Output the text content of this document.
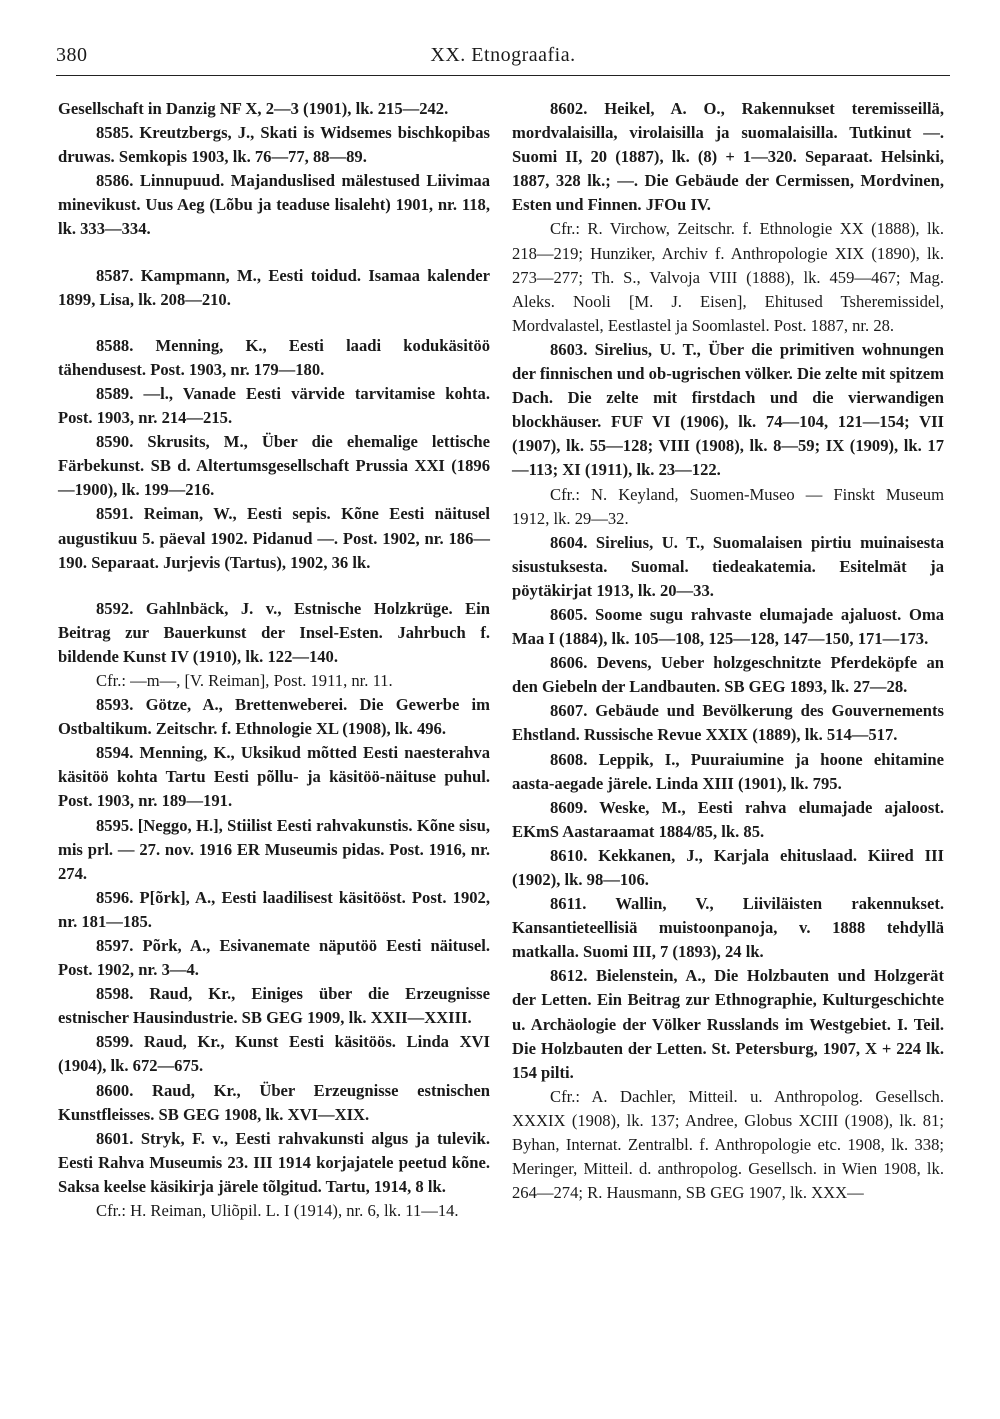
380	XX. Etnograafia.

Gesellschaft in Danzig NF X, 2—3 (1901), lk. 215—242.

8585. Kreutzbergs, J., Skati is Widsemes bischkopibas druwas. Semkopis 1903, lk. 76—77, 88—89.

8586. Linnupuud. Majanduslised mälestused Liivimaa minevikust. Uus Aeg (Lõbu ja teaduse lisaleht) 1901, nr. 118, lk. 333—334.

8587. Kampmann, M., Eesti toidud. Isamaa kalender 1899, Lisa, lk. 208—210.

8588. Menning, K., Eesti laadi kodukäsitöö tähendusest. Post. 1903, nr. 179—180.

8589. —l., Vanade Eesti värvide tarvitamise kohta. Post. 1903, nr. 214—215.

8590. Skrusits, M., Über die ehemalige lettische Färbekunst. SB d. Altertumsgesellschaft Prussia XXI (1896—1900), lk. 199—216.

8591. Reiman, W., Eesti sepis. Kõne Eesti näitusel augustikuu 5. päeval 1902. Pidanud —. Post. 1902, nr. 186—190. Separaat. Jurjevis (Tartus), 1902, 36 lk.

8592. Gahlnbäck, J. v., Estnische Holzkrüge. Ein Beitrag zur Bauerkunst der Insel-Esten. Jahrbuch f. bildende Kunst IV (1910), lk. 122—140.

Cfr.: —m—, [V. Reiman], Post. 1911, nr. 11.

8593. Götze, A., Brettenweberei. Die Gewerbe im Ostbaltikum. Zeitschr. f. Ethnologie XL (1908), lk. 496.

8594. Menning, K., Uksikud mõtted Eesti naesterahva käsitöö kohta Tartu Eesti põllu- ja käsitöö-näituse puhul. Post. 1903, nr. 189—191.

8595. [Neggo, H.], Stiilist Eesti rahvakunstis. Kõne sisu, mis prl. — 27. nov. 1916 ER Museumis pidas. Post. 1916, nr. 274.

8596. P[õrk], A., Eesti laadilisest käsitööst. Post. 1902, nr. 181—185.

8597. Põrk, A., Esivanemate näputöö Eesti näitusel. Post. 1902, nr. 3—4.

8598. Raud, Kr., Einiges über die Erzeugnisse estnischer Hausindustrie. SB GEG 1909, lk. XXII—XXIII.

8599. Raud, Kr., Kunst Eesti käsitöös. Linda XVI (1904), lk. 672—675.

8600. Raud, Kr., Über Erzeugnisse estnischen Kunstfleisses. SB GEG 1908, lk. XVI—XIX.

8601. Stryk, F. v., Eesti rahvakunsti algus ja tulevik. Eesti Rahva Museumis 23. III 1914 korjajatele peetud kõne. Saksa keelse käsikirja järele tõlgitud. Tartu, 1914, 8 lk.

Cfr.: H. Reiman, Uliõpil. L. I (1914), nr. 6, lk. 11—14.

8602. Heikel, A. O., Rakennukset teremisseillä, mordvalaisilla, virolaisilla ja suomalaisilla. Tutkinut —. Suomi II, 20 (1887), lk. (8) + 1—320. Separaat. Helsinki, 1887, 328 lk.; —. Die Gebäude der Cermissen, Mordvinen, Esten und Finnen. JFOu IV.

Cfr.: R. Virchow, Zeitschr. f. Ethnologie XX (1888), lk. 218—219; Hunziker, Archiv f. Anthropologie XIX (1890), lk. 273—277; Th. S., Valvoja VIII (1888), lk. 459—467; Mag. Aleks. Nooli [M. J. Eisen], Ehitused Tsheremissidel, Mordvalastel, Eestlastel ja Soomlastel. Post. 1887, nr. 28.

8603. Sirelius, U. T., Über die primitiven wohnungen der finnischen und ob-ugrischen völker. Die zelte mit spitzem Dach. Die zelte mit firstdach und die vierwandigen blockhäuser. FUF VI (1906), lk. 74—104, 121—154; VII (1907), lk. 55—128; VIII (1908), lk. 8—59; IX (1909), lk. 17—113; XI (1911), lk. 23—122.

Cfr.: N. Keyland, Suomen-Museo — Finskt Museum 1912, lk. 29—32.

8604. Sirelius, U. T., Suomalaisen pirtiu muinaisesta sisustuksesta. Suomal. tiedeakatemia. Esitelmät ja pöytäkirjat 1913, lk. 20—33.

8605. Soome sugu rahvaste elumajade ajaluost. Oma Maa I (1884), lk. 105—108, 125—128, 147—150, 171—173.

8606. Devens, Ueber holzgeschnitzte Pferdeköpfe an den Giebeln der Landbauten. SB GEG 1893, lk. 27—28.

8607. Gebäude und Bevölkerung des Gouvernements Ehstland. Russische Revue XXIX (1889), lk. 514—517.

8608. Leppik, I., Puuraiumine ja hoone ehitamine aasta-aegade järele. Linda XIII (1901), lk. 795.

8609. Weske, M., Eesti rahva elumajade ajaloost. EKmS Aastaraamat 1884/85, lk. 85.

8610. Kekkanen, J., Karjala ehituslaad. Kiired III (1902), lk. 98—106.

8611. Wallin, V., Liiviläisten rakennukset. Kansantieteellisiä muistoonpanoja, v. 1888 tehdyllä matkalla. Suomi III, 7 (1893), 24 lk.

8612. Bielenstein, A., Die Holzbauten und Holzgerät der Letten. Ein Beitrag zur Ethnographie, Kulturgeschichte u. Archäologie der Völker Russlands im Westgebiet. I. Teil. Die Holzbauten der Letten. St. Petersburg, 1907, X + 224 lk. 154 pilti.

Cfr.: A. Dachler, Mitteil. u. Anthropolog. Gesellsch. XXXIX (1908), lk. 137; Andree, Globus XCIII (1908), lk. 81; Byhan, Internat. Zentralbl. f. Anthropologie etc. 1908, lk. 338; Meringer, Mitteil. d. anthropolog. Gesellsch. in Wien 1908, lk. 264—274; R. Hausmann, SB GEG 1907, lk. XXX—
